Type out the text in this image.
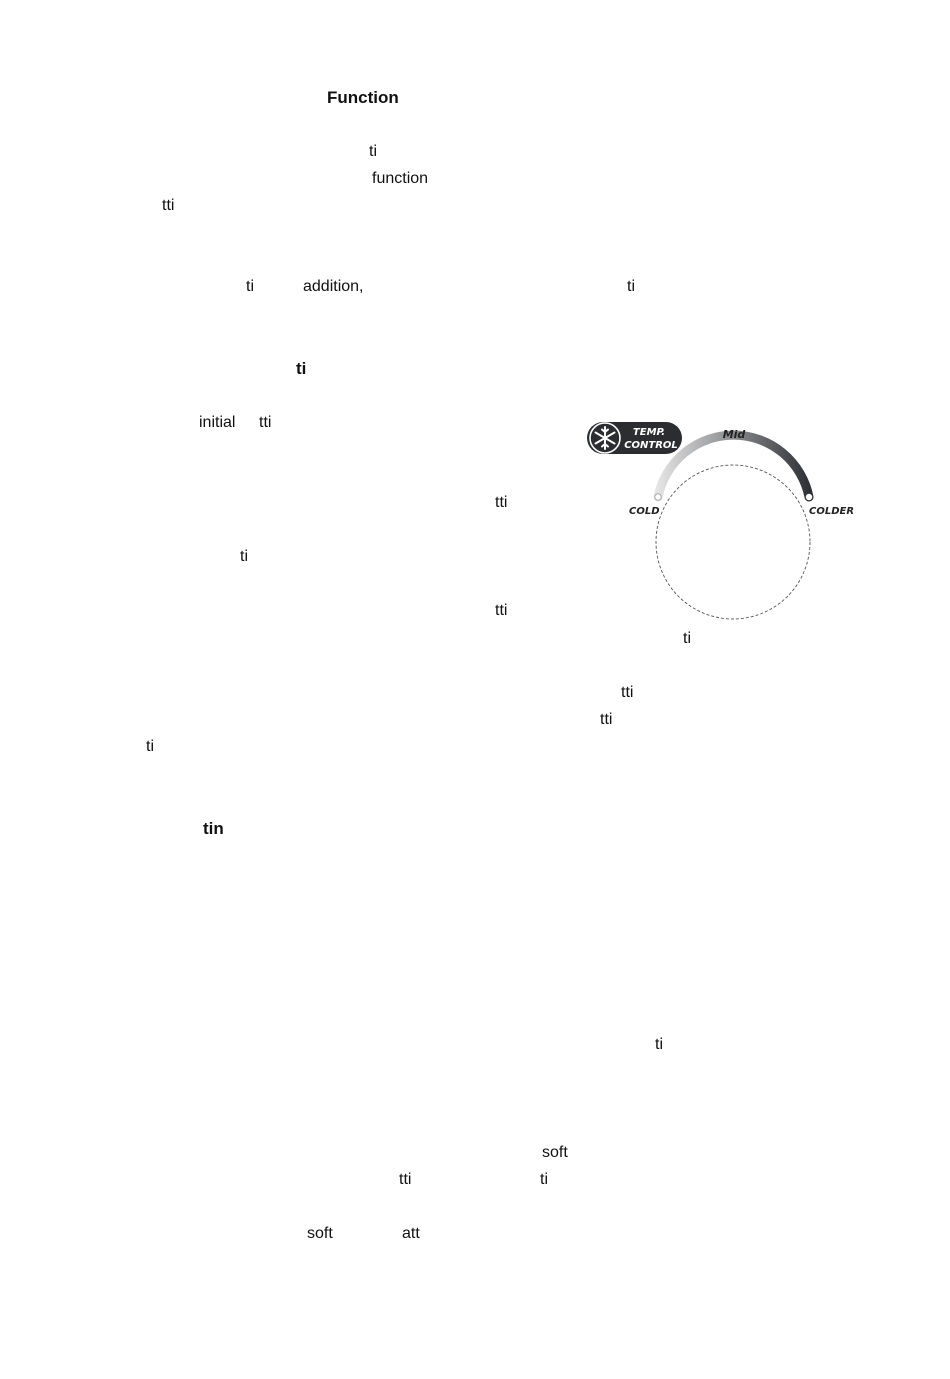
Function
ti
function
tti
ti	addition,	ti
ti
initial tti
tti
ti
tti
ti
tti
tti
ti
tin
ti
soft
tti	ti
soft	att
TEMP.
CONTROL
Mid
COLD	COLDER
